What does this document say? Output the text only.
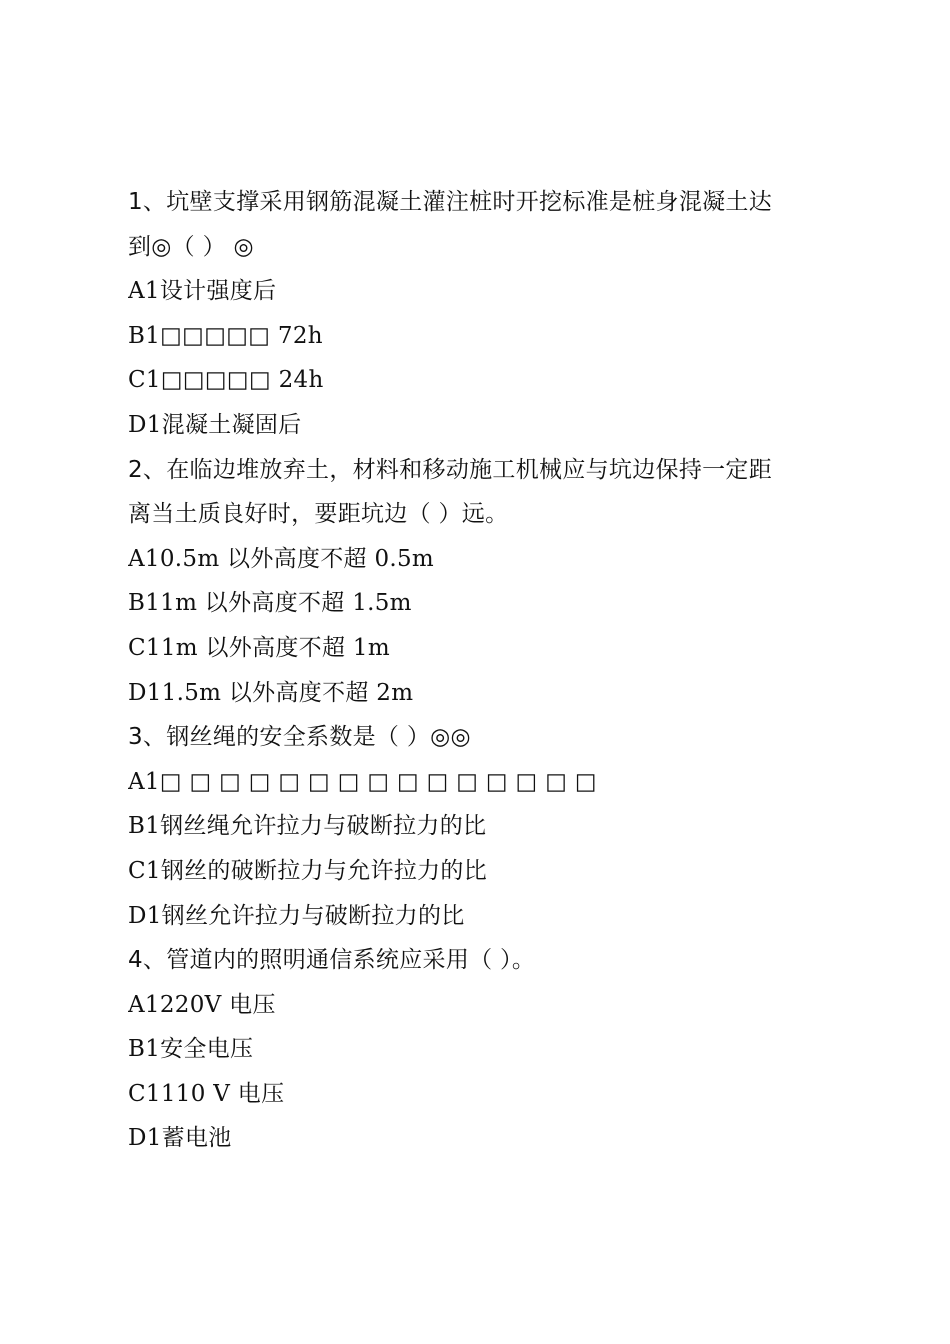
1、坑壁支撑采用钢筋混凝土灌注桩时开挖标准是桩身混凝土达
到◎（ ） ◎
A1设计强度后
B1□□□□□ 72h
C1□□□□□ 24h
D1混凝土凝固后
2、在临边堆放弃土，材料和移动施工机械应与坑边保持一定距
离当土质良好时，要距坑边（ ）远。
A10.5m 以外高度不超 0.5m
B11m 以外高度不超 1.5m
C11m 以外高度不超 1m
D11.5m 以外高度不超 2m
3、钢丝绳的安全系数是（ ）◎◎
A1□ □ □ □ □ □ □ □ □ □ □ □ □ □ □
B1钢丝绳允许拉力与破断拉力的比
C1钢丝的破断拉力与允许拉力的比
D1钢丝允许拉力与破断拉力的比
4、管道内的照明通信系统应采用（ ）。
A1220V 电压
B1安全电压
C1110 V 电压
D1蓄电池
